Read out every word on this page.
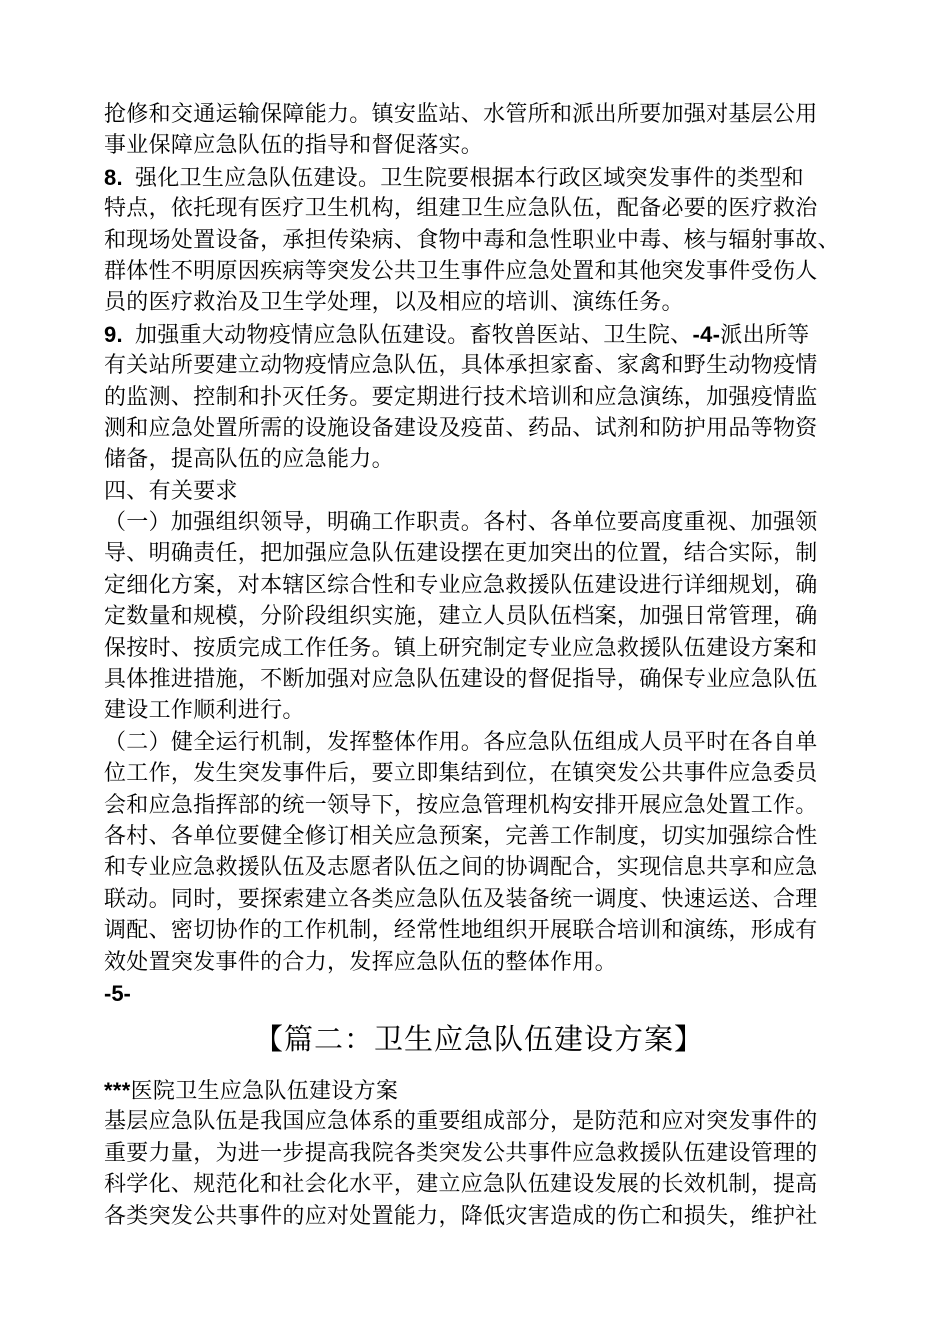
抢修和交通运输保障能力。镇安监站、水管所和派出所要加强对基层公用
事业保障应急队伍的指导和督促落实。
8. 强化卫生应急队伍建设。卫生院要根据本行政区域突发事件的类型和
特点，依托现有医疗卫生机构，组建卫生应急队伍，配备必要的医疗救治
和现场处置设备，承担传染病、食物中毒和急性职业中毒、核与辐射事故、
群体性不明原因疾病等突发公共卫生事件应急处置和其他突发事件受伤人
员的医疗救治及卫生学处理，以及相应的培训、演练任务。
9. 加强重大动物疫情应急队伍建设。畜牧兽医站、卫生院、-4-派出所等
有关站所要建立动物疫情应急队伍，具体承担家畜、家禽和野生动物疫情
的监测、控制和扑灭任务。要定期进行技术培训和应急演练，加强疫情监
测和应急处置所需的设施设备建设及疫苗、药品、试剂和防护用品等物资
储备，提高队伍的应急能力。
四、有关要求
（一）加强组织领导，明确工作职责。各村、各单位要高度重视、加强领
导、明确责任，把加强应急队伍建设摆在更加突出的位置，结合实际，制
定细化方案，对本辖区综合性和专业应急救援队伍建设进行详细规划，确
定数量和规模，分阶段组织实施，建立人员队伍档案，加强日常管理，确
保按时、按质完成工作任务。镇上研究制定专业应急救援队伍建设方案和
具体推进措施，不断加强对应急队伍建设的督促指导，确保专业应急队伍
建设工作顺利进行。
（二）健全运行机制，发挥整体作用。各应急队伍组成人员平时在各自单
位工作，发生突发事件后，要立即集结到位，在镇突发公共事件应急委员
会和应急指挥部的统一领导下，按应急管理机构安排开展应急处置工作。
各村、各单位要健全修订相关应急预案，完善工作制度，切实加强综合性
和专业应急救援队伍及志愿者队伍之间的协调配合，实现信息共享和应急
联动。同时，要探索建立各类应急队伍及装备统一调度、快速运送、合理
调配、密切协作的工作机制，经常性地组织开展联合培训和演练，形成有
效处置突发事件的合力，发挥应急队伍的整体作用。
-5-
【篇二：卫生应急队伍建设方案】
***医院卫生应急队伍建设方案
基层应急队伍是我国应急体系的重要组成部分，是防范和应对突发事件的
重要力量，为进一步提高我院各类突发公共事件应急救援队伍建设管理的
科学化、规范化和社会化水平，建立应急队伍建设发展的长效机制，提高
各类突发公共事件的应对处置能力，降低灾害造成的伤亡和损失，维护社
